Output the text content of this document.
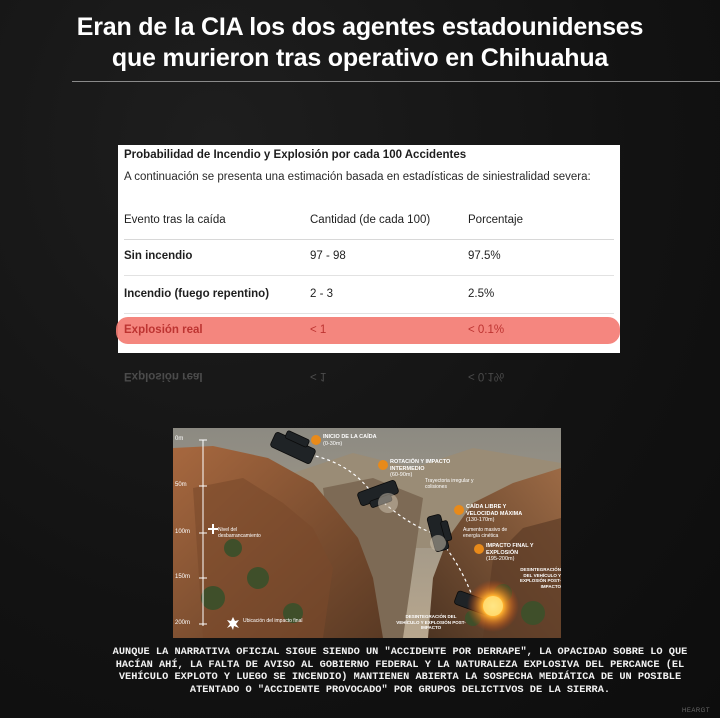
Eran de la CIA los dos agentes estadounidenses
que murieron tras operativo en Chihuahua
Probabilidad de Incendio y Explosión por cada 100 Accidentes
A continuación se presenta una estimación basada en estadísticas de siniestralidad severa:
Evento tras la caída	Cantidad (de cada 100)	Porcentaje
Sin incendio	97 - 98	97.5%
Incendio (fuego repentino)	2 - 3	2.5%
Explosión real	< 1	< 0.1%
Explosión real	< 1	< 0.1%
0m
50m
100m
150m
200m
INICIO DE LA CAÍDA
(0-30m)
ROTACIÓN Y IMPACTO INTERMEDIO
(60-90m)
Trayectoria irregular y colisiones
CAÍDA LIBRE Y VELOCIDAD MÁXIMA
(130-170m)
Aumento masivo de energía cinética
IMPACTO FINAL Y EXPLOSIÓN
(195-200m)
DESINTEGRACIÓN DEL VEHÍCULO Y EXPLOSIÓN POST-IMPACTO
Nivel del desbarrancamiento
Ubicación del impacto final
DESINTEGRACIÓN DEL VEHÍCULO Y EXPLOSIÓN POST-IMPACTO
AUNQUE LA NARRATIVA OFICIAL SIGUE SIENDO UN "ACCIDENTE POR DERRAPE", LA OPACIDAD SOBRE LO QUE HACÍAN AHÍ, LA FALTA DE AVISO AL GOBIERNO FEDERAL Y LA NATURALEZA EXPLOSIVA DEL PERCANCE (EL VEHÍCULO EXPLOTO Y LUEGO SE INCENDIO) MANTIENEN ABIERTA LA SOSPECHA MEDIÁTICA DE UN POSIBLE ATENTADO O "ACCIDENTE PROVOCADO" POR GRUPOS DELICTIVOS DE LA SIERRA.
HEARGT
